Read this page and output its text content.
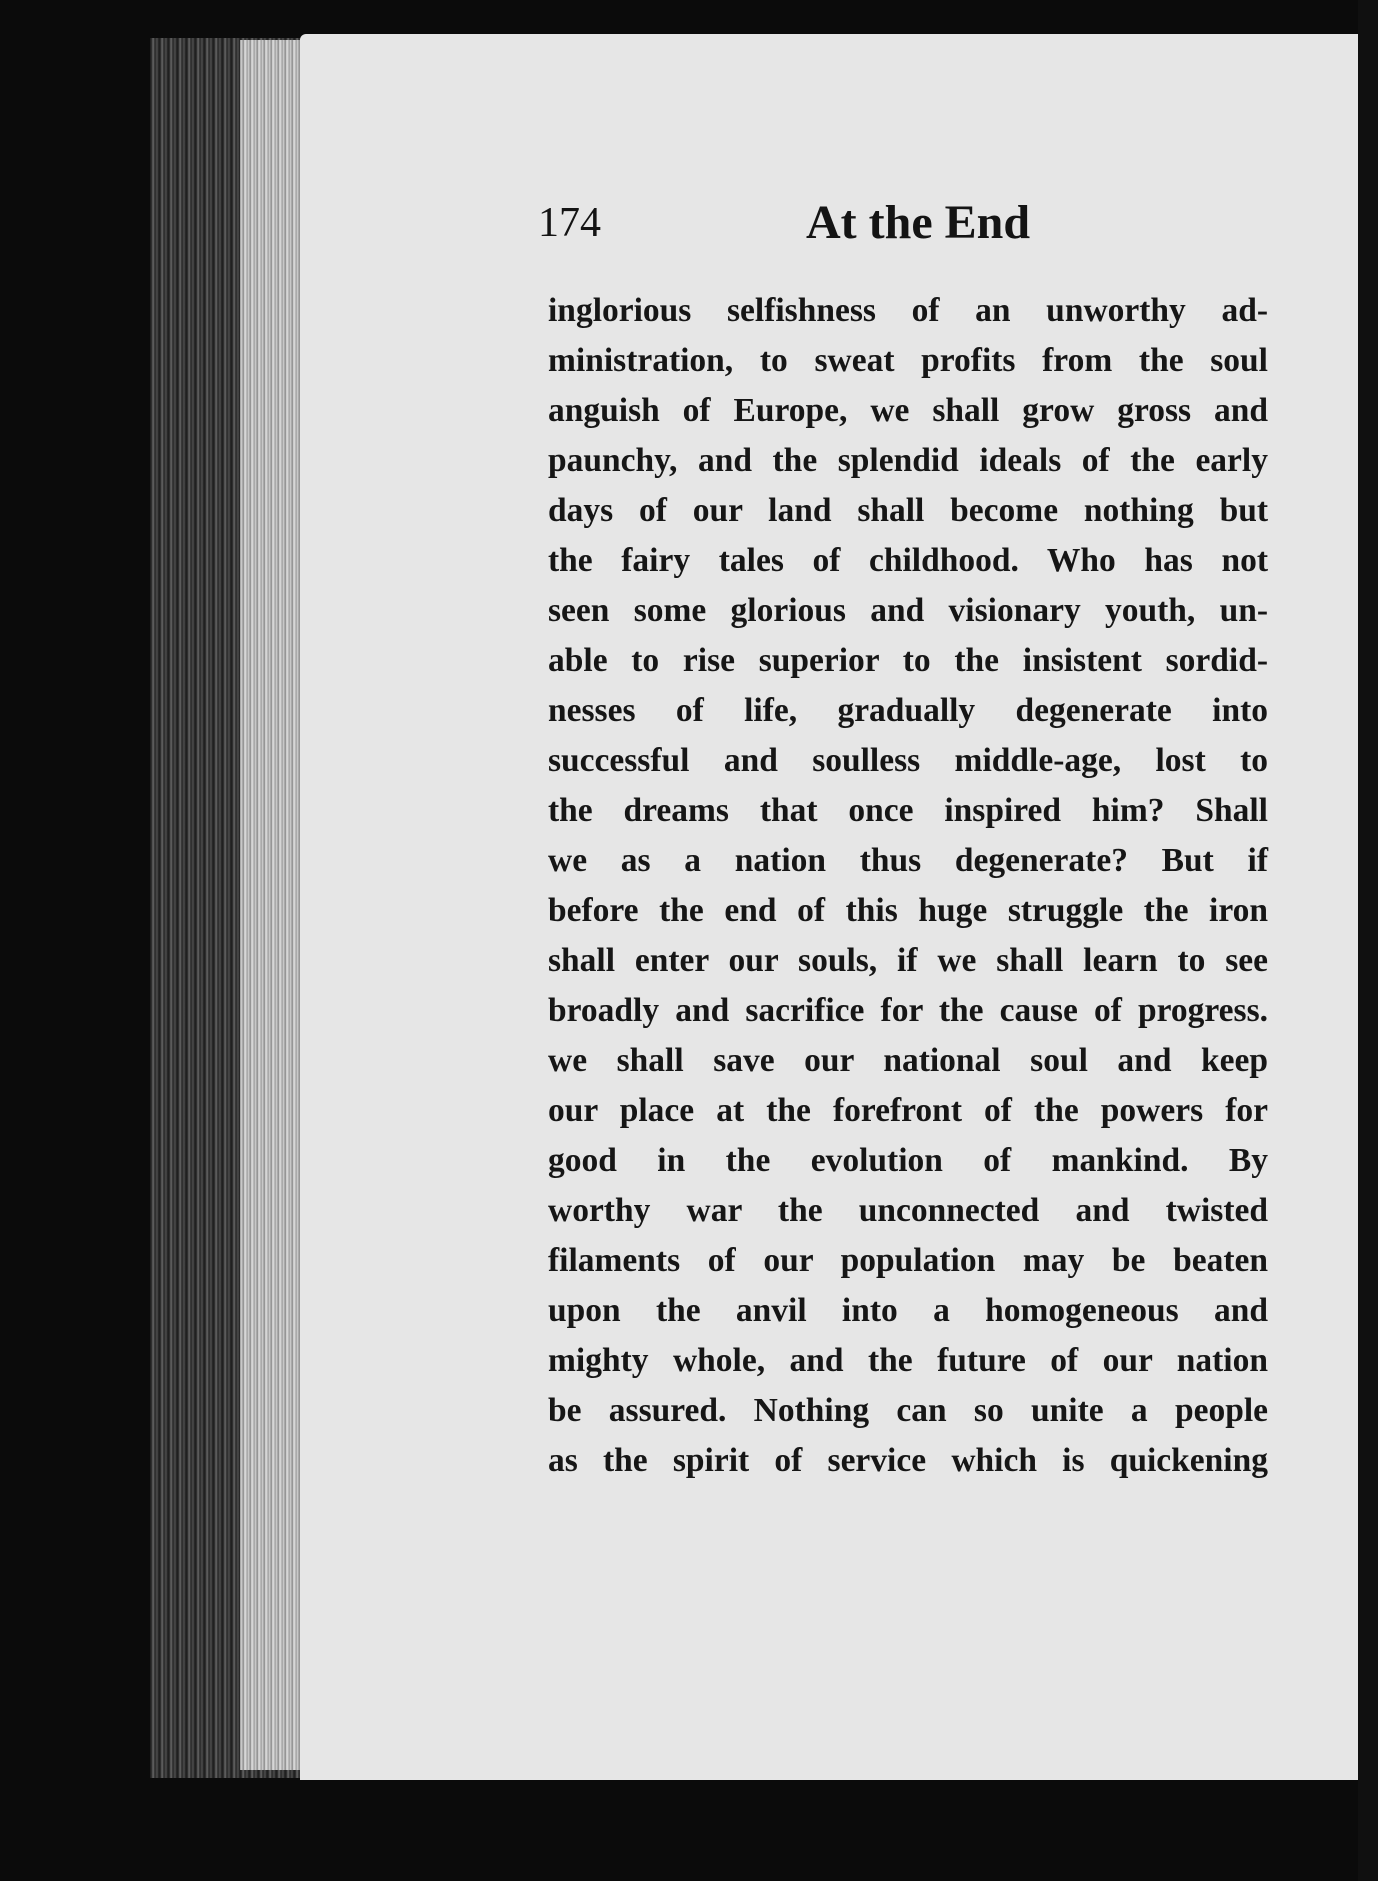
174	At the End
inglorious selfishness of an unworthy ad-
ministration, to sweat profits from the soul
anguish of Europe, we shall grow gross and
paunchy, and the splendid ideals of the early
days of our land shall become nothing but
the fairy tales of childhood. Who has not
seen some glorious and visionary youth, un-
able to rise superior to the insistent sordid-
nesses of life, gradually degenerate into
successful and soulless middle-age, lost to
the dreams that once inspired him? Shall
we as a nation thus degenerate? But if
before the end of this huge struggle the iron
shall enter our souls, if we shall learn to see
broadly and sacrifice for the cause of progress.
we shall save our national soul and keep
our place at the forefront of the powers for
good in the evolution of mankind. By
worthy war the unconnected and twisted
filaments of our population may be beaten
upon the anvil into a homogeneous and
mighty whole, and the future of our nation
be assured. Nothing can so unite a people
as the spirit of service which is quickening
